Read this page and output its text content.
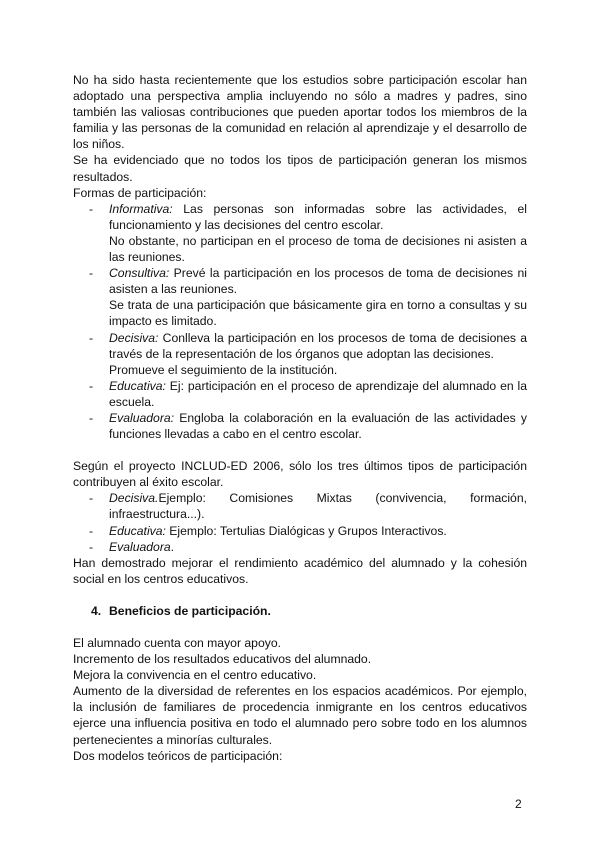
No ha sido hasta recientemente que los estudios sobre participación escolar han adoptado una perspectiva amplia incluyendo no sólo a madres y padres, sino también las valiosas contribuciones que pueden aportar todos los miembros de la familia y las personas de la comunidad en relación al aprendizaje y el desarrollo de los niños.

Se ha evidenciado que no todos los tipos de participación generan los mismos resultados.

Formas de participación:

- Informativa: Las personas son informadas sobre las actividades, el funcionamiento y las decisiones del centro escolar.
No obstante, no participan en el proceso de toma de decisiones ni asisten a las reuniones.
- Consultiva: Prevé la participación en los procesos de toma de decisiones ni asisten a las reuniones.
Se trata de una participación que básicamente gira en torno a consultas y su impacto es limitado.
- Decisiva: Conlleva la participación en los procesos de toma de decisiones a través de la representación de los órganos que adoptan las decisiones.
Promueve el seguimiento de la institución.
- Educativa: Ej: participación en el proceso de aprendizaje del alumnado en la escuela.
- Evaluadora: Engloba la colaboración en la evaluación de las actividades y funciones llevadas a cabo en el centro escolar.

Según el proyecto INCLUD-ED 2006, sólo los tres últimos tipos de participación contribuyen al éxito escolar.

- Decisiva.Ejemplo: Comisiones Mixtas (convivencia, formación, infraestructura...).
- Educativa: Ejemplo: Tertulias Dialógicas y Grupos Interactivos.
- Evaluadora.

Han demostrado mejorar el rendimiento académico del alumnado y la cohesión social en los centros educativos.

4. Beneficios de participación.

El alumnado cuenta con mayor apoyo.

Incremento de los resultados educativos del alumnado.

Mejora la convivencia en el centro educativo.

Aumento de la diversidad de referentes en los espacios académicos. Por ejemplo, la inclusión de familiares de procedencia inmigrante en los centros educativos ejerce una influencia positiva en todo el alumnado pero sobre todo en los alumnos pertenecientes a minorías culturales.

Dos modelos teóricos de participación:

2
